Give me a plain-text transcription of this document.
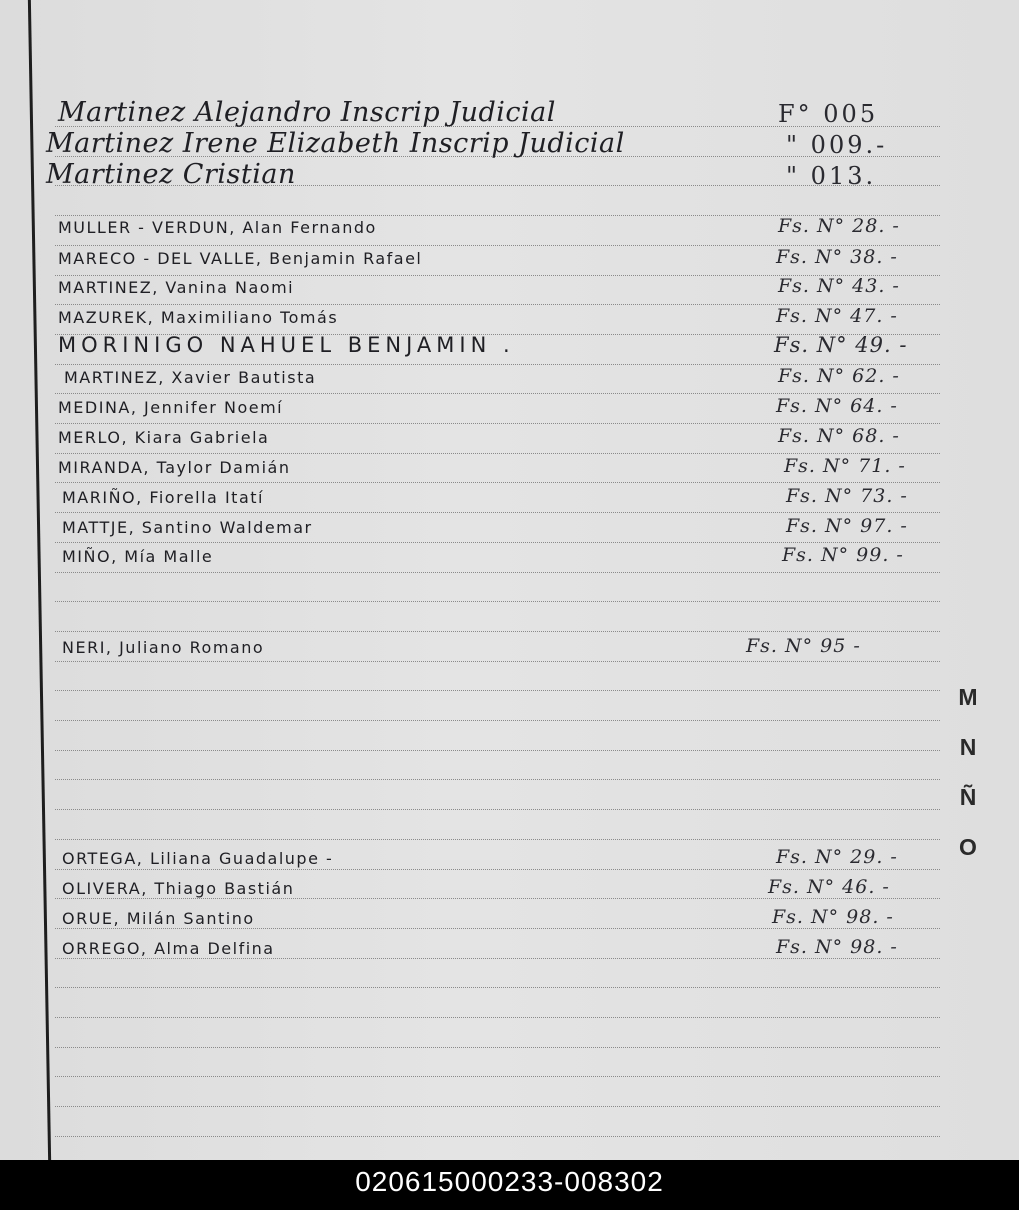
Martinez Alejandro Inscrip Judicial	F° 005
Martinez Irene Elizabeth Inscrip Judicial	" 009.-
Martinez Cristian	" 013.
MULLER - VERDUN, Alan Fernando	Fs. N° 28. -
MARECO - DEL VALLE, Benjamin Rafael	Fs. N° 38. -
MARTINEZ, Vanina Naomi	Fs. N° 43. -
MAZUREK, Maximiliano Tomás	Fs. N° 47. -
MORINIGO NAHUEL BENJAMIN .	Fs. N° 49. -
MARTINEZ, Xavier Bautista	Fs. N° 62. -
MEDINA, Jennifer Noemí	Fs. N° 64. -
MERLO, Kiara Gabriela	Fs. N° 68. -
MIRANDA, Taylor Damián	Fs. N° 71. -
MARIÑO, Fiorella Itatí	Fs. N° 73. -
MATTJE, Santino Waldemar	Fs. N° 97. -
MIÑO, Mía Malle	Fs. N° 99. -
NERI, Juliano Romano	Fs. N° 95 -
ORTEGA, Liliana Guadalupe -	Fs. N° 29. -
OLIVERA, Thiago Bastián	Fs. N° 46. -
ORUE, Milán Santino	Fs. N° 98. -
ORREGO, Alma Delfina	Fs. N° 98. -
M
N
Ñ
O
020615000233-008302
